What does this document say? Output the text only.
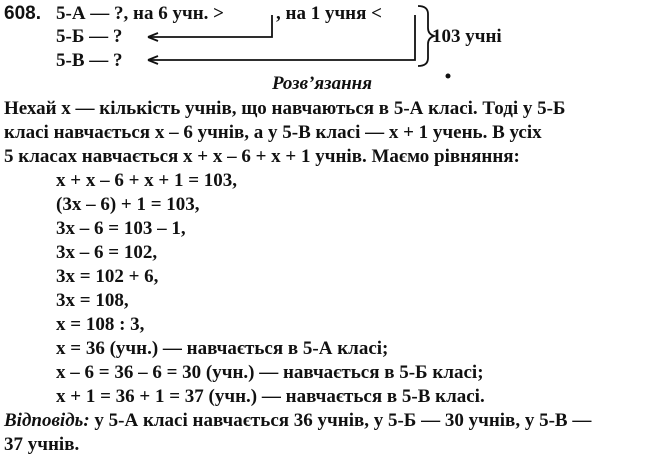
608. 5-А — ?, на 6 учн. >	, на 1 учня <
5-Б — ?
5-В — ?
103 учні
Розв’язання
Нехай x — кількість учнів, що навчаються в 5-А класі. Тоді у 5-Б
класі навчається x – 6 учнів, а у 5-В класі — x + 1 учень. В усіх
5 класах навчається x + x – 6 + x + 1 учнів. Маємо рівняння:
x + x – 6 + x + 1 = 103,
(3x – 6) + 1 = 103,
3x – 6 = 103 – 1,
3x – 6 = 102,
3x = 102 + 6,
3x = 108,
x = 108 : 3,
x = 36 (учн.) — навчається в 5-А класі;
x – 6 = 36 – 6 = 30 (учн.) — навчається в 5-Б класі;
x + 1 = 36 + 1 = 37 (учн.) — навчається в 5-В класі.
Відповідь: у 5-А класі навчається 36 учнів, у 5-Б — 30 учнів, у 5-В —
37 учнів.
